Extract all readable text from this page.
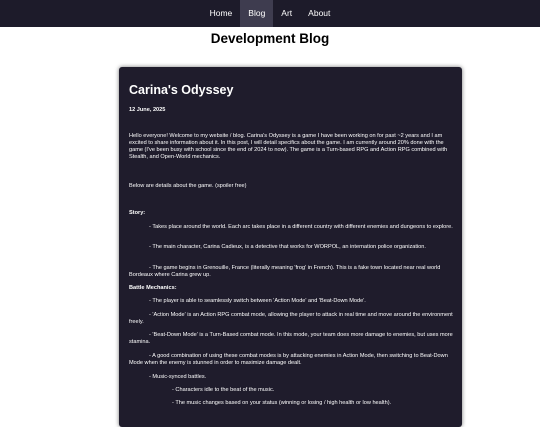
Home	Blog	Art	About
Development Blog
Carina's Odyssey
12 June, 2025

Hello everyone! Welcome to my website / blog. Carina's Odyssey is a game I have been working on for past ~2 years and I am excited to share information about it. In this post, I will detail specifics about the game. I am currently around 20% done with the game (I've been busy with school since the end of 2024 to now). The game is a Turn-based RPG and Action RPG combined with Stealth, and Open-World mechanics.

Below are details about the game. (spoiler free)

Story:

- Takes place around the world. Each arc takes place in a different country with different enemies and dungeons to explore.

- The main character, Carina Cadieux, is a detective that works for WORPOL, an internation police organization.

- The game begins in Grenouille, France (literally meaning 'frog' in French). This is a fake town located near real world Bordeaux where Carina grew up.

Battle Mechanics:

- The player is able to seamlessly switch between 'Action Mode' and 'Beat-Down Mode'.

- 'Action Mode' is an Action RPG combat mode, allowing the player to attack in real time and move around the environment freely.

- 'Beat-Down Mode' is a Turn-Based combat mode. In this mode, your team does more damage to enemies, but uses more stamina.

- A good combination of using these combat modes is by attacking enemies in Action Mode, then switching to Beat-Down Mode when the enemy is stunned in order to maximize damage dealt.

- Music-synced battles.

- Characters idle to the beat of the music.

- The music changes based on your status (winning or losing / high health or low health).
